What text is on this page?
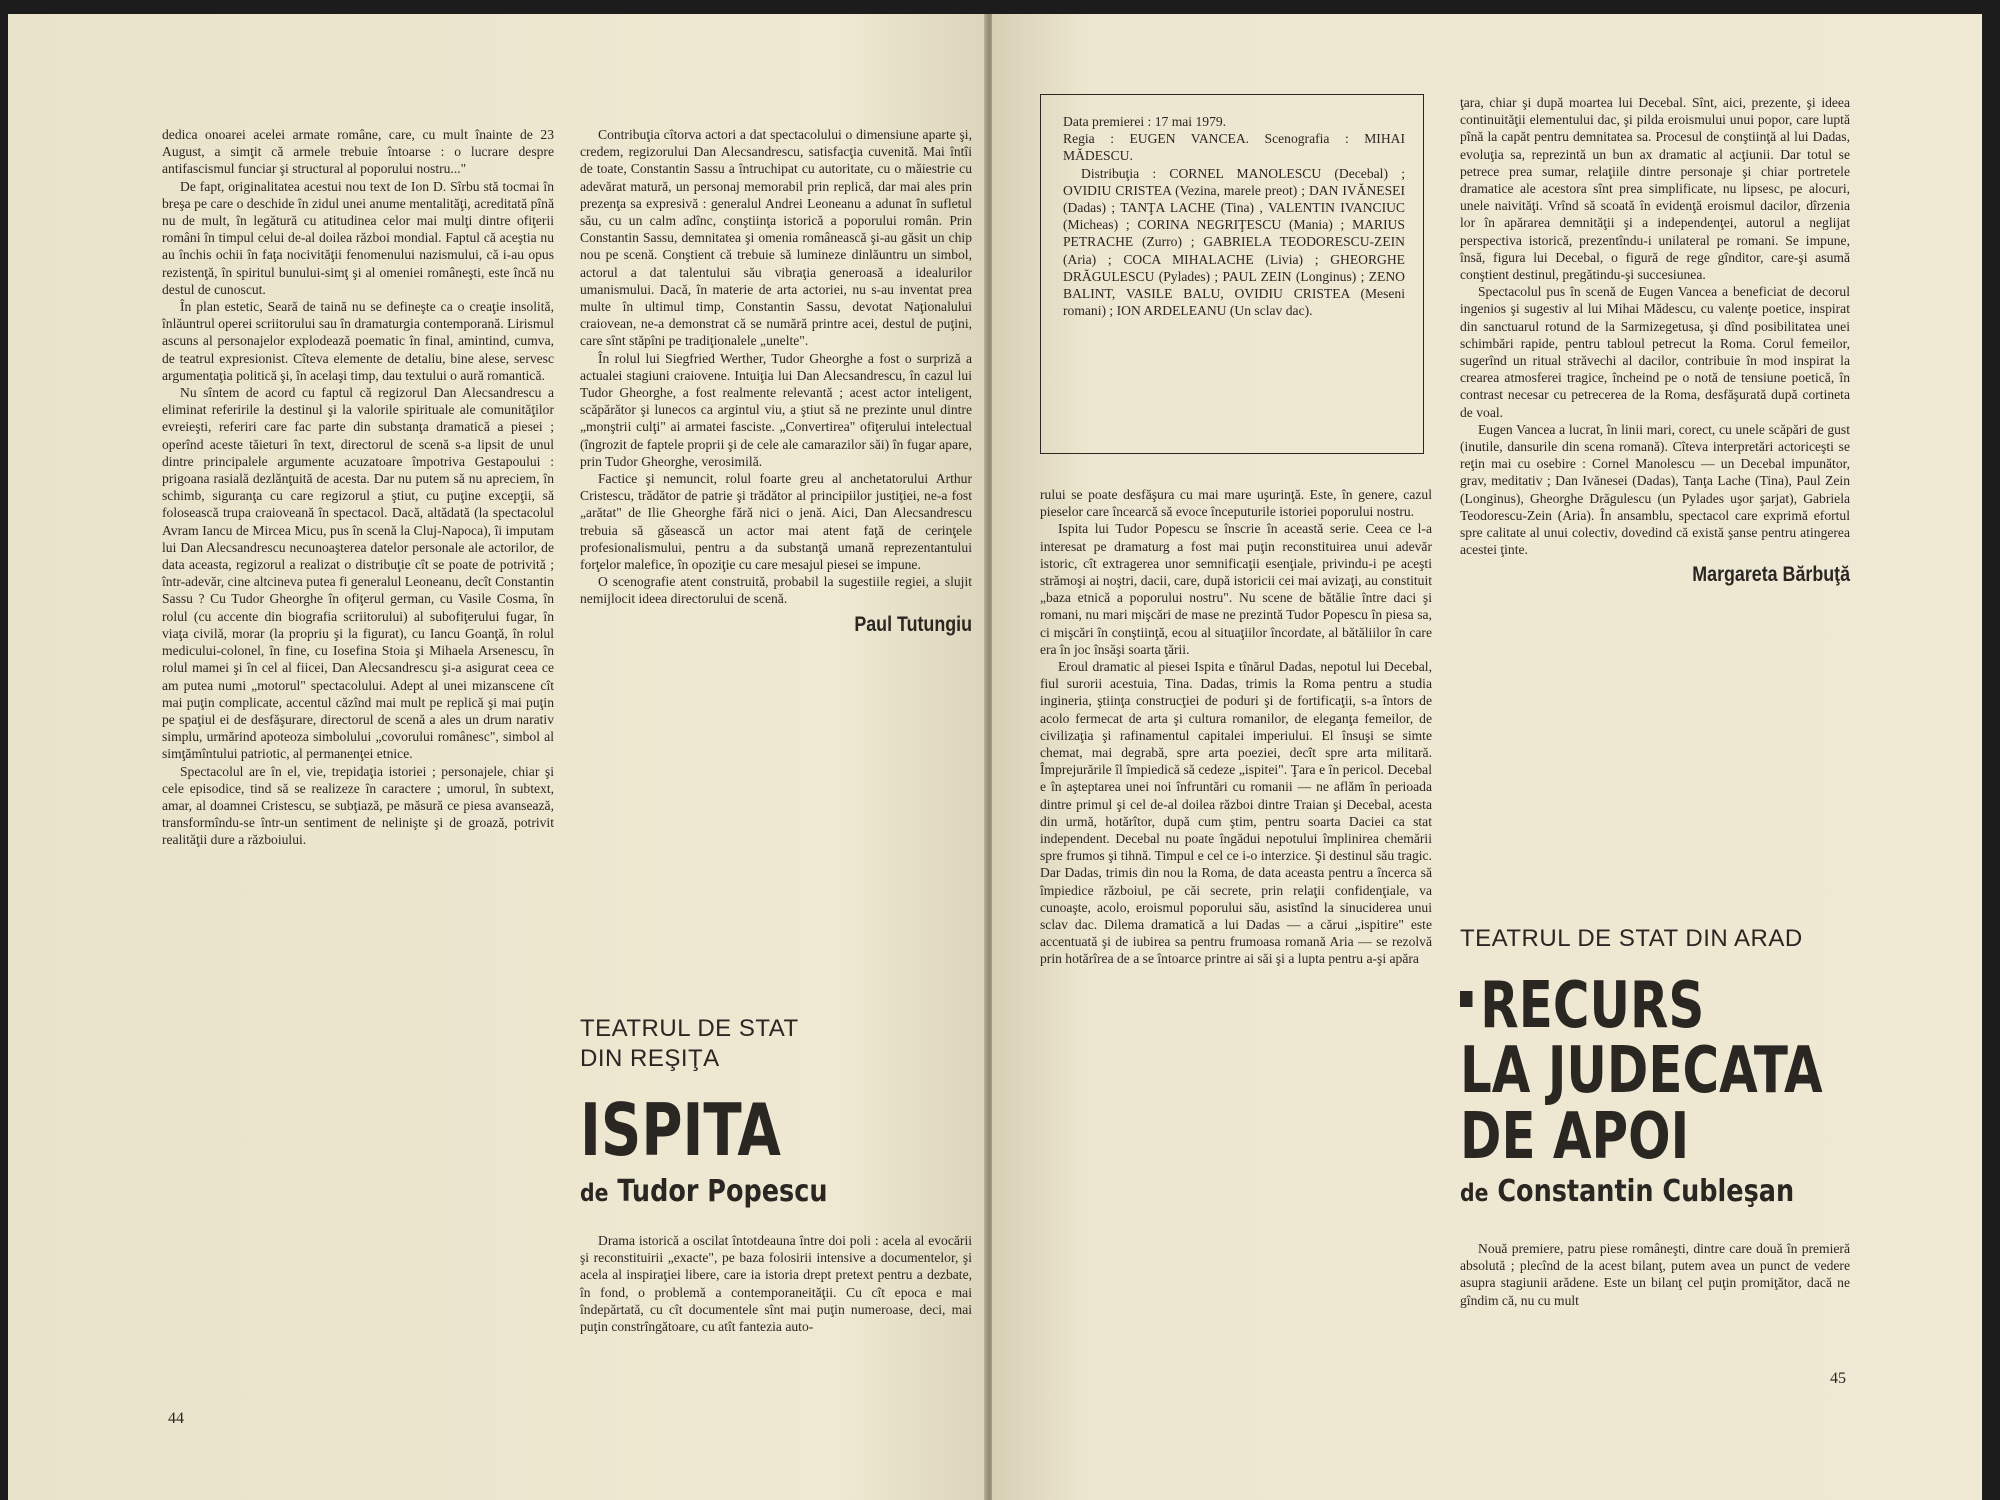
dedica onoarei acelei armate române, care, cu mult înainte de 23 August, a simţit că armele trebuie întoarse : o lucrare despre antifascismul funciar şi structural al poporului nostru..."

De fapt, originalitatea acestui nou text de Ion D. Sîrbu stă tocmai în breşa pe care o deschide în zidul unei anume mentalităţi, acreditată pînă nu de mult, în legătură cu atitudinea celor mai mulţi dintre ofiţerii români în timpul celui de-al doilea război mondial. Faptul că aceştia nu au închis ochii în faţa nocivităţii fenomenului nazismului, că i-au opus rezistenţă, în spiritul bunului-simţ şi al omeniei româneşti, este încă nu destul de cunoscut.

În plan estetic, Seară de taină nu se defineşte ca o creaţie insolită, înlăuntrul operei scriitorului sau în dramaturgia contemporană. Lirismul ascuns al personajelor explodează poematic în final, amintind, cumva, de teatrul expresionist. Cîteva elemente de detaliu, bine alese, servesc argumentaţia politică şi, în acelaşi timp, dau textului o aură romantică.

Nu sîntem de acord cu faptul că regizorul Dan Alecsandrescu a eliminat referirile la destinul şi la valorile spirituale ale comunităţilor evreieşti, referiri care fac parte din substanţa dramatică a piesei ; operînd aceste tăieturi în text, directorul de scenă s-a lipsit de unul dintre principalele argumente acuzatoare împotriva Gestapoului : prigoana rasială dezlănţuită de acesta. Dar nu putem să nu apreciem, în schimb, siguranţa cu care regizorul a ştiut, cu puţine excepţii, să folosească trupa craioveană în spectacol. Dacă, altădată (la spectacolul Avram Iancu de Mircea Micu, pus în scenă la Cluj-Napoca), îi imputam lui Dan Alecsandrescu necunoaşterea datelor personale ale actorilor, de data aceasta, regizorul a realizat o distribuţie cît se poate de potrivită ; într-adevăr, cine altcineva putea fi generalul Leoneanu, decît Constantin Sassu ? Cu Tudor Gheorghe în ofiţerul german, cu Vasile Cosma, în rolul (cu accente din biografia scriitorului) al subofiţerului fugar, în viaţa civilă, morar (la propriu şi la figurat), cu Iancu Goanţă, în rolul medicului-colonel, în fine, cu Iosefina Stoia şi Mihaela Arsenescu, în rolul mamei şi în cel al fiicei, Dan Alecsandrescu şi-a asigurat ceea ce am putea numi „motorul" spectacolului. Adept al unei mizanscene cît mai puţin complicate, accentul căzînd mai mult pe replică şi mai puţin pe spaţiul ei de desfăşurare, directorul de scenă a ales un drum narativ simplu, urmărind apoteoza simbolului „covorului românesc", simbol al simţămîntului patriotic, al permanenţei etnice.

Spectacolul are în el, vie, trepidaţia istoriei ; personajele, chiar şi cele episodice, tind să se realizeze în caractere ; umorul, în subtext, amar, al doamnei Cristescu, se subţiază, pe măsură ce piesa avansează, transformîndu-se într-un sentiment de nelinişte şi de groază, potrivit realităţii dure a războiului.

Contribuţia cîtorva actori a dat spectacolului o dimensiune aparte şi, credem, regizorului Dan Alecsandrescu, satisfacţia cuvenită. Mai întîi de toate, Constantin Sassu a întruchipat cu autoritate, cu o măiestrie cu adevărat matură, un personaj memorabil prin replică, dar mai ales prin prezenţa sa expresivă : generalul Andrei Leoneanu a adunat în sufletul său, cu un calm adînc, conştiinţa istorică a poporului român. Prin Constantin Sassu, demnitatea şi omenia românească şi-au găsit un chip nou pe scenă. Conştient că trebuie să lumineze dinlăuntru un simbol, actorul a dat talentului său vibraţia generoasă a idealurilor umanismului. Dacă, în materie de arta actoriei, nu s-au inventat prea multe în ultimul timp, Constantin Sassu, devotat Naţionalului craiovean, ne-a demonstrat că se numără printre acei, destul de puţini, care sînt stăpîni pe tradiţionalele „unelte".

În rolul lui Siegfried Werther, Tudor Gheorghe a fost o surpriză a actualei stagiuni craiovene. Intuiţia lui Dan Alecsandrescu, în cazul lui Tudor Gheorghe, a fost realmente relevantă ; acest actor inteligent, scăpărător şi lunecos ca argintul viu, a ştiut să ne prezinte unul dintre „monştrii culţi" ai armatei fasciste. „Convertirea" ofiţerului intelectual (îngrozit de faptele proprii şi de cele ale camarazilor săi) în fugar apare, prin Tudor Gheorghe, verosimilă.

Factice şi nemuncit, rolul foarte greu al anchetatorului Arthur Cristescu, trădător de patrie şi trădător al principiilor justiţiei, ne-a fost „arătat" de Ilie Gheorghe fără nici o jenă. Aici, Dan Alecsandrescu trebuia să găsească un actor mai atent faţă de cerinţele profesionalismului, pentru a da substanţă umană reprezentantului forţelor malefice, în opoziţie cu care mesajul piesei se impune.

O scenografie atent construită, probabil la sugestiile regiei, a slujit nemijlocit ideea directorului de scenă.

Paul Tutungiu
TEATRUL DE STAT
DIN REŞIŢA
ISPITA
de Tudor Popescu

Drama istorică a oscilat întotdeauna între doi poli : acela al evocării şi reconstituirii „exacte", pe baza folosirii intensive a documentelor, şi acela al inspiraţiei libere, care ia istoria drept pretext pentru a dezbate, în fond, o problemă a contemporaneităţii. Cu cît epoca e mai îndepărtată, cu cît documentele sînt mai puţin numeroase, deci, mai puţin constrîngătoare, cu atît fantezia auto-

44

Data premierei : 17 mai 1979.

Regia : EUGEN VANCEA. Scenografia : MIHAI MĂDESCU.

Distribuţia : CORNEL MANOLESCU (Decebal) ; OVIDIU CRISTEA (Vezina, marele preot) ; DAN IVĂNESEI (Dadas) ; TANŢA LACHE (Tina) , VALENTIN IVANCIUC (Micheas) ; CORINA NEGRIŢESCU (Mania) ; MARIUS PETRACHE (Zurro) ; GABRIELA TEODORESCU-ZEIN (Aria) ; COCA MIHALACHE (Livia) ; GHEORGHE DRĂGULESCU (Pylades) ; PAUL ZEIN (Longinus) ; ZENO BALINT, VASILE BALU, OVIDIU CRISTEA (Meseni romani) ; ION ARDELEANU (Un sclav dac).

rului se poate desfăşura cu mai mare uşurinţă. Este, în genere, cazul pieselor care încearcă să evoce începuturile istoriei poporului nostru.

Ispita lui Tudor Popescu se înscrie în această serie. Ceea ce l-a interesat pe dramaturg a fost mai puţin reconstituirea unui adevăr istoric, cît extragerea unor semnificaţii esenţiale, privindu-i pe aceşti strămoşi ai noştri, dacii, care, după istoricii cei mai avizaţi, au constituit „baza etnică a poporului nostru". Nu scene de bătălie între daci şi romani, nu mari mişcări de mase ne prezintă Tudor Popescu în piesa sa, ci mişcări în conştiinţă, ecou al situaţiilor încordate, al bătăliilor în care era în joc însăşi soarta ţării.

Eroul dramatic al piesei Ispita e tînărul Dadas, nepotul lui Decebal, fiul surorii acestuia, Tina. Dadas, trimis la Roma pentru a studia ingineria, ştiinţa construcţiei de poduri şi de fortificaţii, s-a întors de acolo fermecat de arta şi cultura romanilor, de eleganţa femeilor, de civilizaţia şi rafinamentul capitalei imperiului. El însuşi se simte chemat, mai degrabă, spre arta poeziei, decît spre arta militară. Împrejurările îl împiedică să cedeze „ispitei". Ţara e în pericol. Decebal e în aşteptarea unei noi înfruntări cu romanii — ne aflăm în perioada dintre primul şi cel de-al doilea război dintre Traian şi Decebal, acesta din urmă, hotărîtor, după cum ştim, pentru soarta Daciei ca stat independent. Decebal nu poate îngădui nepotului împlinirea chemării spre frumos şi tihnă. Timpul e cel ce i-o interzice. Şi destinul său tragic. Dar Dadas, trimis din nou la Roma, de data aceasta pentru a încerca să împiedice războiul, pe căi secrete, prin relaţii confidenţiale, va cunoaşte, acolo, eroismul poporului său, asistînd la sinuciderea unui sclav dac. Dilema dramatică a lui Dadas — a cărui „ispitire" este accentuată şi de iubirea sa pentru frumoasa romană Aria — se rezolvă prin hotărîrea de a se întoarce printre ai săi şi a lupta pentru a-şi apăra

ţara, chiar şi după moartea lui Decebal. Sînt, aici, prezente, şi ideea continuităţii elementului dac, şi pilda eroismului unui popor, care luptă pînă la capăt pentru demnitatea sa. Procesul de conştiinţă al lui Dadas, evoluţia sa, reprezintă un bun ax dramatic al acţiunii. Dar totul se petrece prea sumar, relaţiile dintre personaje şi chiar portretele dramatice ale acestora sînt prea simplificate, nu lipsesc, pe alocuri, unele naivităţi. Vrînd să scoată în evidenţă eroismul dacilor, dîrzenia lor în apărarea demnităţii şi a independenţei, autorul a neglijat perspectiva istorică, prezentîndu-i unilateral pe romani. Se impune, însă, figura lui Decebal, o figură de rege gînditor, care-şi asumă conştient destinul, pregătindu-şi succesiunea.

Spectacolul pus în scenă de Eugen Vancea a beneficiat de decorul ingenios şi sugestiv al lui Mihai Mădescu, cu valenţe poetice, inspirat din sanctuarul rotund de la Sarmizegetusa, şi dînd posibilitatea unei schimbări rapide, pentru tabloul petrecut la Roma. Corul femeilor, sugerînd un ritual străvechi al dacilor, contribuie în mod inspirat la crearea atmosferei tragice, încheind pe o notă de tensiune poetică, în contrast necesar cu petrecerea de la Roma, desfăşurată după cortineta de voal.

Eugen Vancea a lucrat, în linii mari, corect, cu unele scăpări de gust (inutile, dansurile din scena romană). Cîteva interpretări actoriceşti se reţin mai cu osebire : Cornel Manolescu — un Decebal impunător, grav, meditativ ; Dan Ivănesei (Dadas), Tanţa Lache (Tina), Paul Zein (Longinus), Gheorghe Drăgulescu (un Pylades uşor şarjat), Gabriela Teodorescu-Zein (Aria). În ansamblu, spectacol care exprimă efortul spre calitate al unui colectiv, dovedind că există şanse pentru atingerea acestei ţinte.

Margareta Bărbuţă
TEATRUL DE STAT DIN ARAD
RECURS
LA JUDECATA
DE APOI
de Constantin Cubleşan

Nouă premiere, patru piese româneşti, dintre care două în premieră absolută ; plecînd de la acest bilanţ, putem avea un punct de vedere asupra stagiunii arădene. Este un bilanţ cel puţin promiţător, dacă ne gîndim că, nu cu mult

45
